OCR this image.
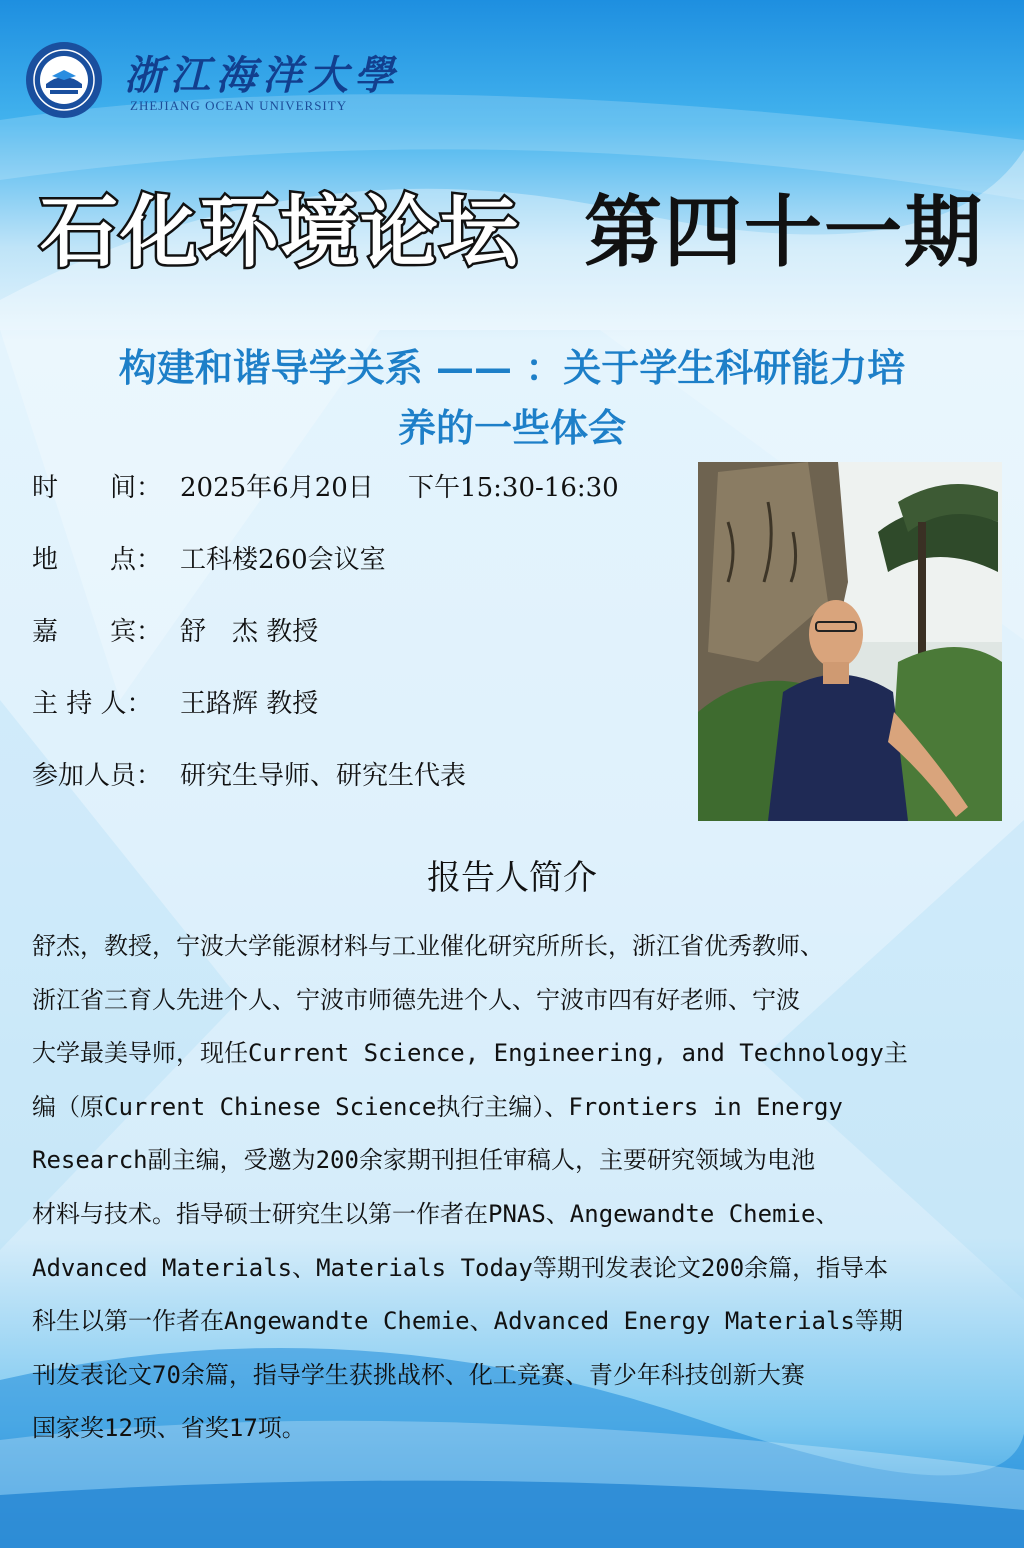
浙江海洋大學
ZHEJIANG OCEAN UNIVERSITY
石化环境论坛 第四十一期
构建和谐导学关系 —— ：关于学生科研能力培
养的一些体会
时　　间： 2025年6月20日　 下午15:30-16:30
地　　点： 工科楼260会议室
嘉　　宾： 舒　杰 教授
主 持 人： 王路辉 教授
参加人员： 研究生导师、研究生代表
报告人简介
舒杰，教授，宁波大学能源材料与工业催化研究所所长，浙江省优秀教师、
浙江省三育人先进个人、宁波市师德先进个人、宁波市四有好老师、宁波
大学最美导师，现任Current Science, Engineering, and Technology主
编（原Current Chinese Science执行主编）、Frontiers in Energy
Research副主编，受邀为200余家期刊担任审稿人，主要研究领域为电池
材料与技术。指导硕士研究生以第一作者在PNAS、Angewandte Chemie、
Advanced Materials、Materials Today等期刊发表论文200余篇，指导本
科生以第一作者在Angewandte Chemie、Advanced Energy Materials等期
刊发表论文70余篇，指导学生获挑战杯、化工竞赛、青少年科技创新大赛
国家奖12项、省奖17项。
